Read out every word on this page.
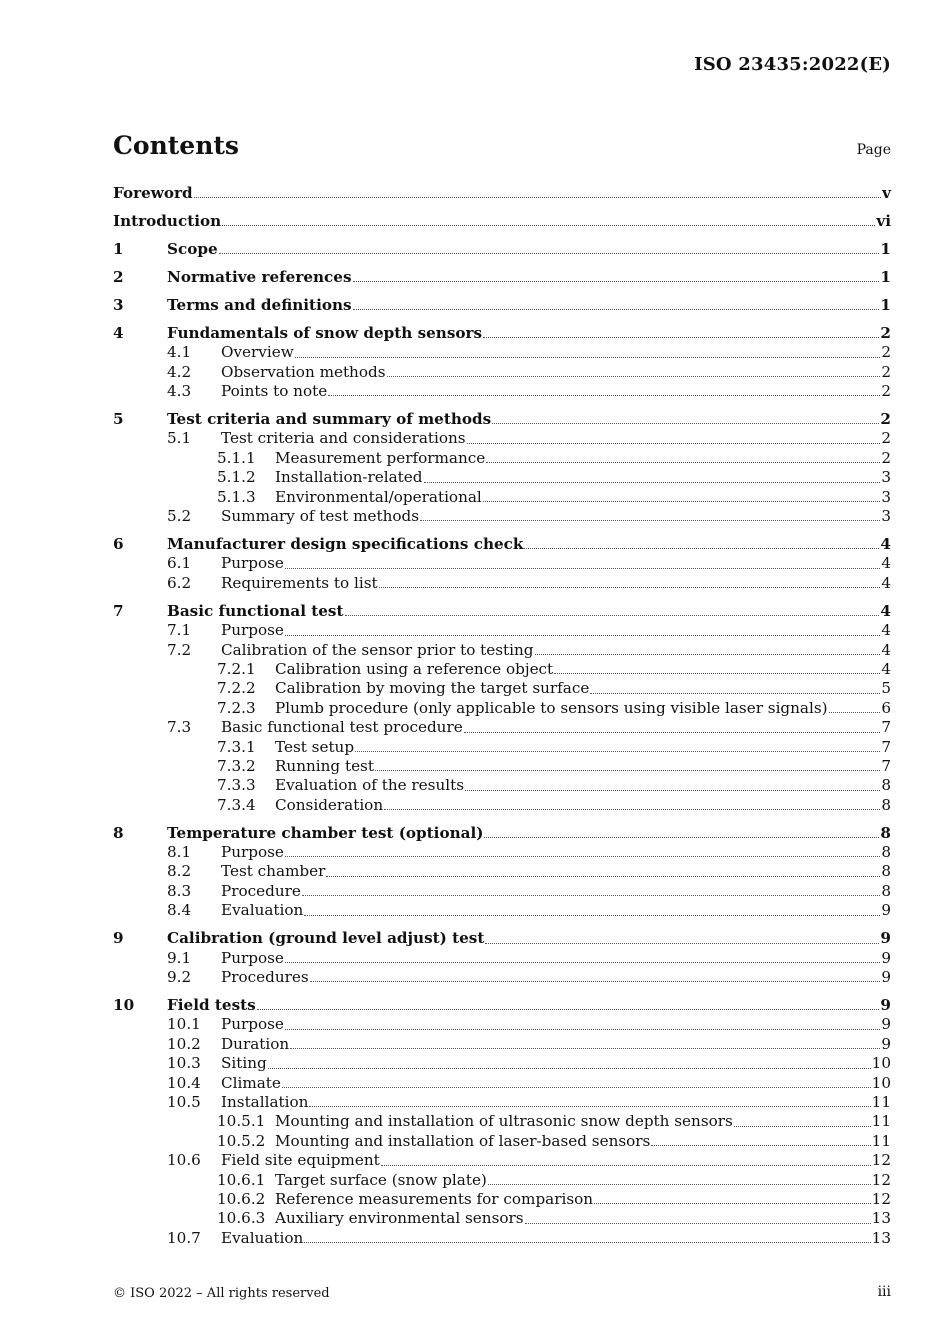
ISO 23435:2022(E)
Contents	Page
Foreword	v
Introduction	vi
1	Scope	1
2	Normative references	1
3	Terms and definitions	1
4	Fundamentals of snow depth sensors	2
4.1	Overview	2
4.2	Observation methods	2
4.3	Points to note	2
5	Test criteria and summary of methods	2
5.1	Test criteria and considerations	2
5.1.1	Measurement performance	2
5.1.2	Installation-related	3
5.1.3	Environmental/operational	3
5.2	Summary of test methods	3
6	Manufacturer design specifications check	4
6.1	Purpose	4
6.2	Requirements to list	4
7	Basic functional test	4
7.1	Purpose	4
7.2	Calibration of the sensor prior to testing	4
7.2.1	Calibration using a reference object	4
7.2.2	Calibration by moving the target surface	5
7.2.3	Plumb procedure (only applicable to sensors using visible laser signals)	6
7.3	Basic functional test procedure	7
7.3.1	Test setup	7
7.3.2	Running test	7
7.3.3	Evaluation of the results	8
7.3.4	Consideration	8
8	Temperature chamber test (optional)	8
8.1	Purpose	8
8.2	Test chamber	8
8.3	Procedure	8
8.4	Evaluation	9
9	Calibration (ground level adjust) test	9
9.1	Purpose	9
9.2	Procedures	9
10	Field tests	9
10.1	Purpose	9
10.2	Duration	9
10.3	Siting	10
10.4	Climate	10
10.5	Installation	11
10.5.1 Mounting and installation of ultrasonic snow depth sensors	11
10.5.2 Mounting and installation of laser-based sensors	11
10.6	Field site equipment	12
10.6.1 Target surface (snow plate)	12
10.6.2 Reference measurements for comparison	12
10.6.3 Auxiliary environmental sensors	13
10.7	Evaluation	13
© ISO 2022 – All rights reserved	iii
